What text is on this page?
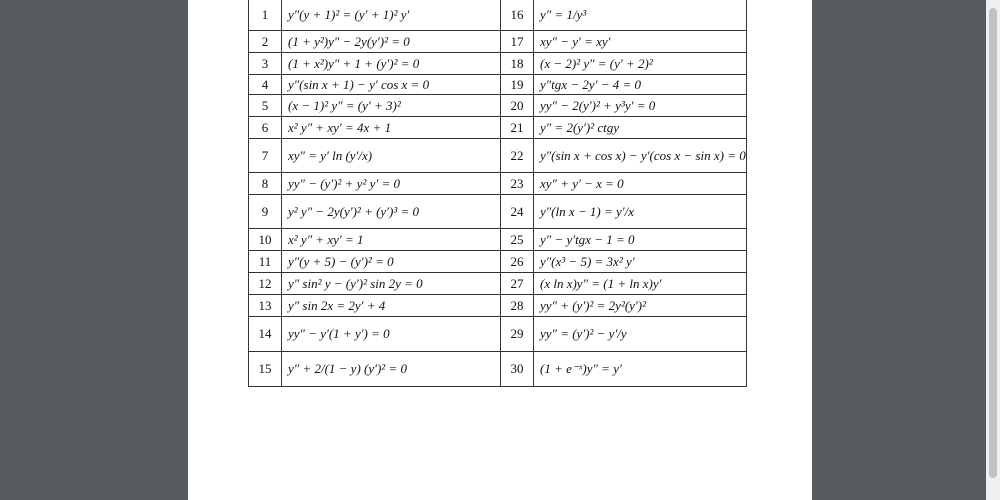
1	y″(y + 1)² = (y′ + 1)² y′	16	y″ = 1/y³
2	(1 + y²)y″ − 2y(y′)² = 0	17	xy″ − y′ = xy′
3	(1 + x²)y″ + 1 + (y′)² = 0	18	(x − 2)² y″ = (y′ + 2)²
4	y″(sin x + 1) − y′ cos x = 0	19	y″tgx − 2y′ − 4 = 0
5	(x − 1)² y″ = (y′ + 3)²	20	yy″ − 2(y′)² + y³y′ = 0
6	x² y″ + xy′ = 4x + 1	21	y″ = 2(y′)² ctgy
7	xy″ = y′ ln (y′/x)	22	y″(sin x + cos x) − y′(cos x − sin x) = 0
8	yy″ − (y′)² + y² y′ = 0	23	xy″ + y′ − x = 0
9	y² y″ − 2y(y′)² + (y′)³ = 0	24	y″(ln x − 1) = y′/x
10	x² y″ + xy′ = 1	25	y″ − y′tgx − 1 = 0
11	y″(y + 5) − (y′)² = 0	26	y″(x³ − 5) = 3x² y′
12	y″ sin² y − (y′)² sin 2y = 0	27	(x ln x)y″ = (1 + ln x)y′
13	y″ sin 2x = 2y′ + 4	28	yy″ + (y′)² = 2y²(y′)²
14	yy″ − y′(1 + y′) = 0	29	yy″ = (y′)² − y′/y
15	y″ + 2/(1 − y) (y′)² = 0	30	(1 + e⁻ˣ)y″ = y′
